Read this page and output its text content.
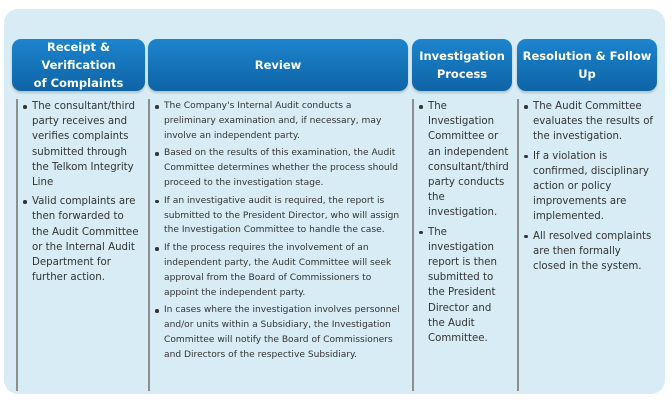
Receipt & Verification
of Complaints
The consultant/third party receives and verifies complaints submitted through the Telkom Integrity Line
Valid complaints are then forwarded to the Audit Committee or the Internal Audit Department for further action.
Review
The Company's Internal Audit conducts a preliminary examination and, if necessary, may involve an independent party.
Based on the results of this examination, the Audit Committee determines whether the process should proceed to the investigation stage.
If an investigative audit is required, the report is submitted to the President Director, who will assign the Investigation Committee to handle the case.
If the process requires the involvement of an independent party, the Audit Committee will seek approval from the Board of Commissioners to appoint the independent party.
In cases where the investigation involves personnel and/or units within a Subsidiary, the Investigation Committee will notify the Board of Commissioners and Directors of the respective Subsidiary.
Investigation
Process
The Investigation Committee or an independent consultant/third party conducts the investigation.
The investigation report is then submitted to the President Director and the Audit Committee.
Resolution & Follow Up
The Audit Committee evaluates the results of the investigation.
If a violation is confirmed, disciplinary action or policy improvements are implemented.
All resolved complaints are then formally closed in the system.
